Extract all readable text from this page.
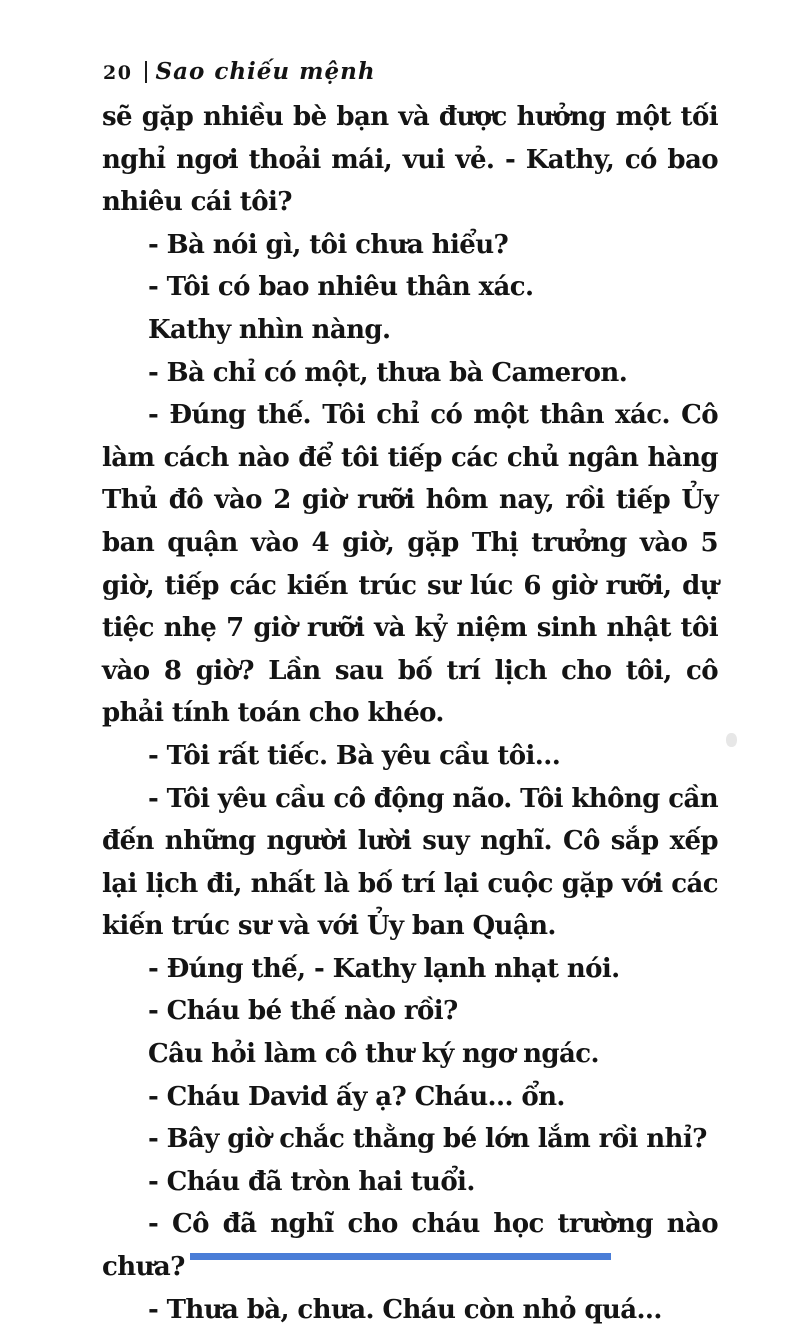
20 Sao chiếu mệnh

sẽ gặp nhiều bè bạn và được hưởng một tối nghỉ ngơi thoải mái, vui vẻ. - Kathy, có bao nhiêu cái tôi?

- Bà nói gì, tôi chưa hiểu?

- Tôi có bao nhiêu thân xác.

Kathy nhìn nàng.

- Bà chỉ có một, thưa bà Cameron.

- Đúng thế. Tôi chỉ có một thân xác. Cô làm cách nào để tôi tiếp các chủ ngân hàng Thủ đô vào 2 giờ rưỡi hôm nay, rồi tiếp Ủy ban quận vào 4 giờ, gặp Thị trưởng vào 5 giờ, tiếp các kiến trúc sư lúc 6 giờ rưỡi, dự tiệc nhẹ 7 giờ rưỡi và kỷ niệm sinh nhật tôi vào 8 giờ? Lần sau bố trí lịch cho tôi, cô phải tính toán cho khéo.

- Tôi rất tiếc. Bà yêu cầu tôi...

- Tôi yêu cầu cô động não. Tôi không cần đến những người lười suy nghĩ. Cô sắp xếp lại lịch đi, nhất là bố trí lại cuộc gặp với các kiến trúc sư và với Ủy ban Quận.

- Đúng thế, - Kathy lạnh nhạt nói.

- Cháu bé thế nào rồi?

Câu hỏi làm cô thư ký ngơ ngác.

- Cháu David ấy ạ? Cháu... ổn.

- Bây giờ chắc thằng bé lớn lắm rồi nhỉ?

- Cháu đã tròn hai tuổi.

- Cô đã nghĩ cho cháu học trường nào chưa?

- Thưa bà, chưa. Cháu còn nhỏ quá...
